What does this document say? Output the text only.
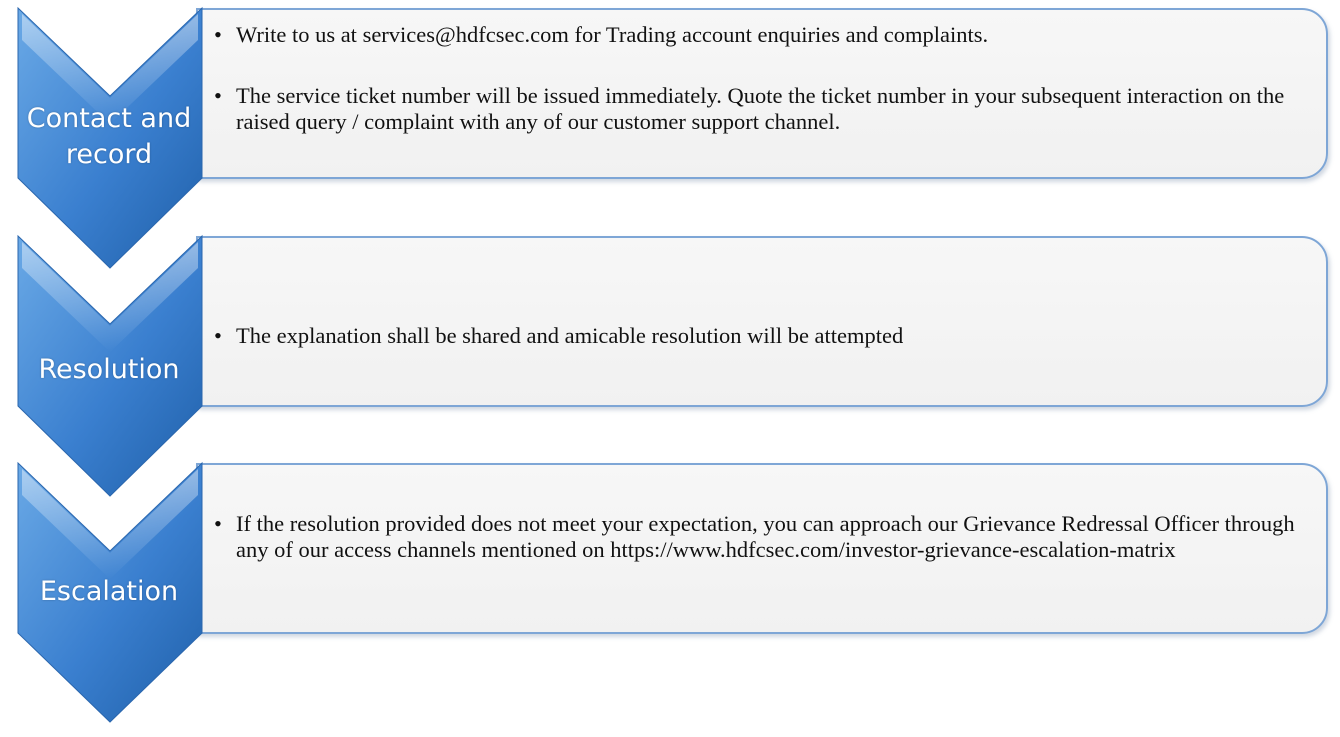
• Write to us at services@hdfcsec.com for Trading account enquiries and complaints.
• The service ticket number will be issued immediately. Quote the ticket number in your subsequent interaction on the raised query / complaint with any of our customer support channel.
• The explanation shall be shared and amicable resolution will be attempted
• If the resolution provided does not meet your expectation, you can approach our Grievance Redressal Officer through any of our access channels mentioned on https://www.hdfcsec.com/investor-grievance-escalation-matrix
Contact and record
Resolution
Escalation
